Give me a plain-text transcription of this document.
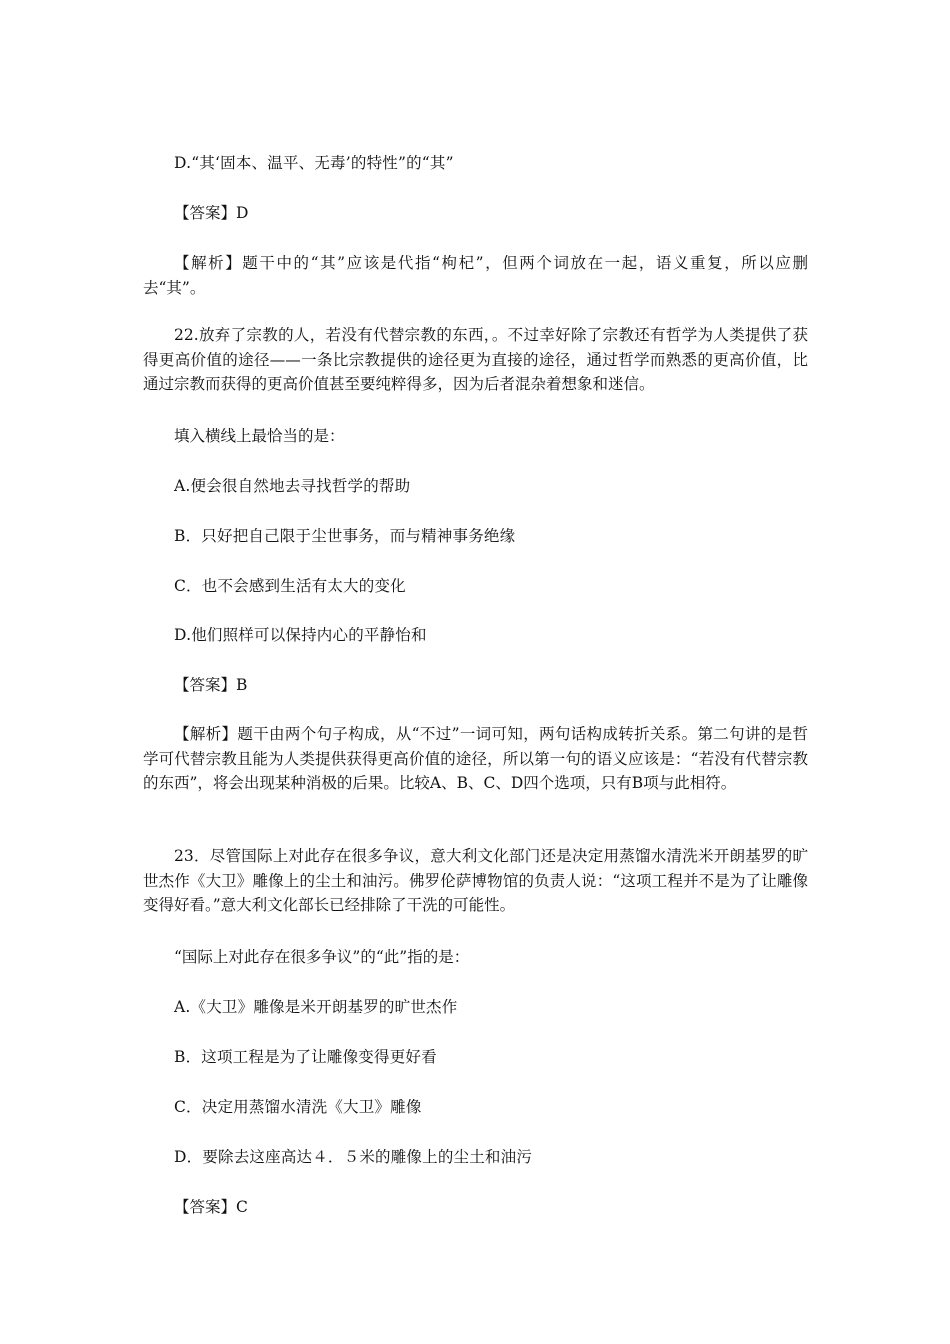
D.“其‘固本、温平、无毒’的特性”的“其”

【答案】D

【解析】题干中的“其”应该是代指“枸杞”，但两个词放在一起，语义重复，所以应删去“其”。

22.放弃了宗教的人，若没有代替宗教的东西，。不过幸好除了宗教还有哲学为人类提供了获得更高价值的途径——一条比宗教提供的途径更为直接的途径，通过哲学而熟悉的更高价值，比通过宗教而获得的更高价值甚至要纯粹得多，因为后者混杂着想象和迷信。

填入横线上最恰当的是：

A.便会很自然地去寻找哲学的帮助

B．只好把自己限于尘世事务，而与精神事务绝缘

C．也不会感到生活有太大的变化

D.他们照样可以保持内心的平静怡和

【答案】B

【解析】题干由两个句子构成，从“不过”一词可知，两句话构成转折关系。第二句讲的是哲学可代替宗教且能为人类提供获得更高价值的途径，所以第一句的语义应该是：“若没有代替宗教的东西”，将会出现某种消极的后果。比较A、B、C、D四个选项，只有B项与此相符。

23．尽管国际上对此存在很多争议，意大利文化部门还是决定用蒸馏水清洗米开朗基罗的旷世杰作《大卫》雕像上的尘土和油污。佛罗伦萨博物馆的负责人说：“这项工程并不是为了让雕像变得好看。”意大利文化部长已经排除了干洗的可能性。

“国际上对此存在很多争议”的“此”指的是：

A.《大卫》雕像是米开朗基罗的旷世杰作

B．这项工程是为了让雕像变得更好看

C．决定用蒸馏水清洗《大卫》雕像

D．要除去这座高达４．５米的雕像上的尘土和油污

【答案】C
